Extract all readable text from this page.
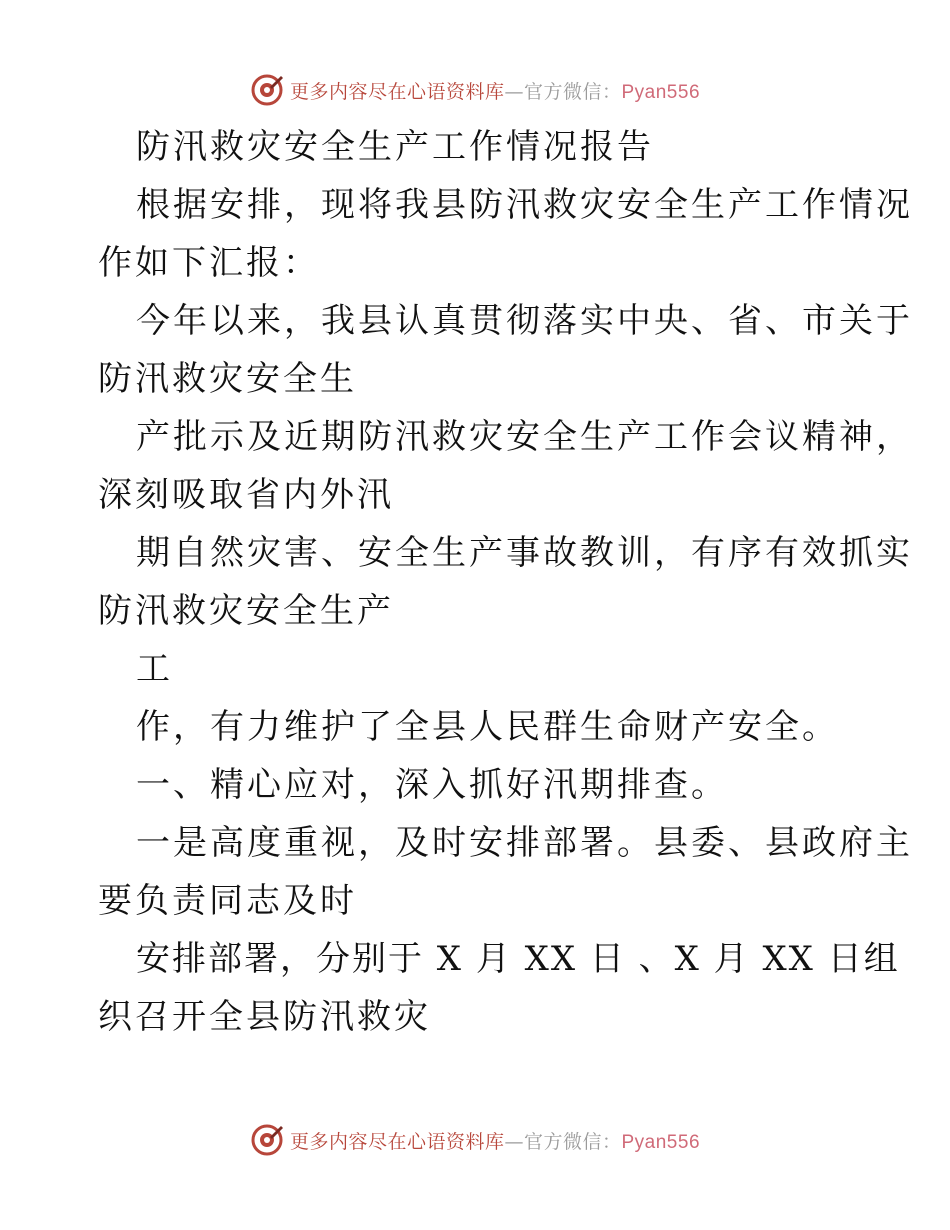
更多内容尽在心语资料库—官方微信：Pyan556
防汛救灾安全生产工作情况报告
根据安排，现将我县防汛救灾安全生产工作情况
作如下汇报：
今年以来，我县认真贯彻落实中央、省、市关于
防汛救灾安全生
产批示及近期防汛救灾安全生产工作会议精神，
深刻吸取省内外汛
期自然灾害、安全生产事故教训，有序有效抓实
防汛救灾安全生产
工
作，有力维护了全县人民群生命财产安全。
一、精心应对，深入抓好汛期排查。
一是高度重视，及时安排部署。县委、县政府主
要负责同志及时
安排部署，分别于 X 月 XX 日 、X 月 XX 日组
织召开全县防汛救灾
更多内容尽在心语资料库—官方微信：Pyan556
